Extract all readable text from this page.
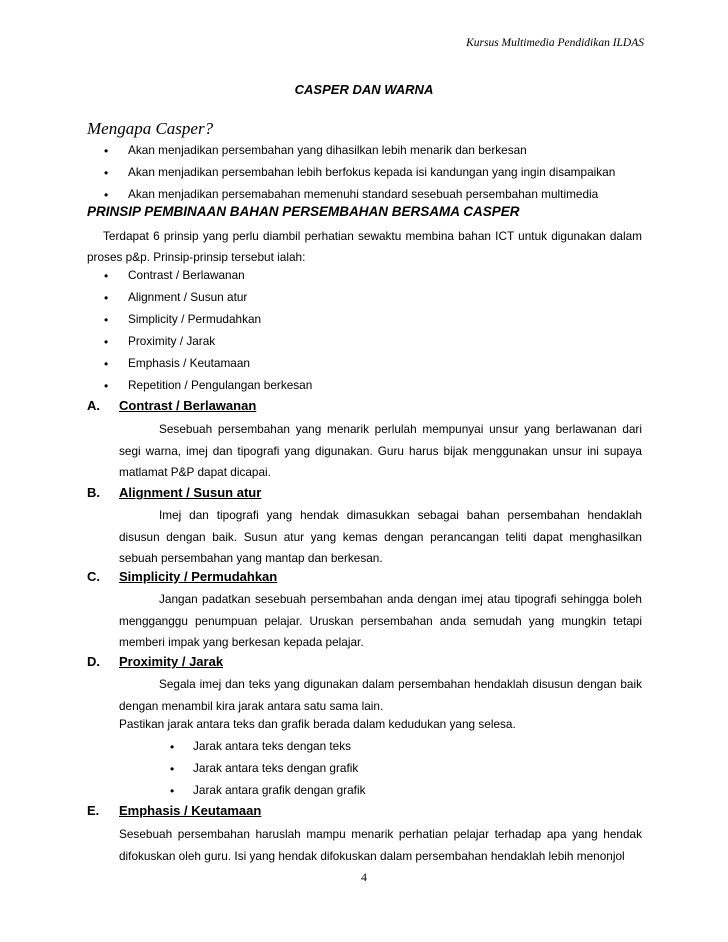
Kursus Multimedia Pendidikan ILDAS
CASPER DAN WARNA
Mengapa Casper?
• Akan menjadikan persembahan yang dihasilkan lebih menarik dan berkesan
• Akan menjadikan persembahan lebih berfokus kepada isi kandungan yang ingin disampaikan
• Akan menjadikan persemabahan memenuhi standard sesebuah persembahan multimedia
PRINSIP PEMBINAAN BAHAN PERSEMBAHAN BERSAMA CASPER
Terdapat 6 prinsip yang perlu diambil perhatian sewaktu membina bahan ICT untuk digunakan dalam proses p&p. Prinsip-prinsip tersebut ialah:
• Contrast / Berlawanan
• Alignment / Susun atur
• Simplicity / Permudahkan
• Proximity / Jarak
• Emphasis / Keutamaan
• Repetition / Pengulangan berkesan
A. Contrast / Berlawanan
Sesebuah persembahan yang menarik perlulah mempunyai unsur yang berlawanan dari segi warna, imej dan tipografi yang digunakan. Guru harus bijak menggunakan unsur ini supaya matlamat P&P dapat dicapai.
B. Alignment / Susun atur
Imej dan tipografi yang hendak dimasukkan sebagai bahan persembahan hendaklah disusun dengan baik. Susun atur yang kemas dengan perancangan teliti dapat menghasilkan sebuah persembahan yang mantap dan berkesan.
C. Simplicity / Permudahkan
Jangan padatkan sesebuah persembahan anda dengan imej atau tipografi sehingga boleh mengganggu penumpuan pelajar. Uruskan persembahan anda semudah yang mungkin tetapi memberi impak yang berkesan kepada pelajar.
D. Proximity / Jarak
Segala imej dan teks yang digunakan dalam persembahan hendaklah disusun dengan baik dengan menambil kira jarak antara satu sama lain.
Pastikan jarak antara teks dan grafik berada dalam kedudukan yang selesa.
• Jarak antara teks dengan teks
• Jarak antara teks dengan grafik
• Jarak antara grafik dengan grafik
E. Emphasis / Keutamaan
Sesebuah persembahan haruslah mampu menarik perhatian pelajar terhadap apa yang hendak difokuskan oleh guru. Isi yang hendak difokuskan dalam persembahan hendaklah lebih menonjol
4
